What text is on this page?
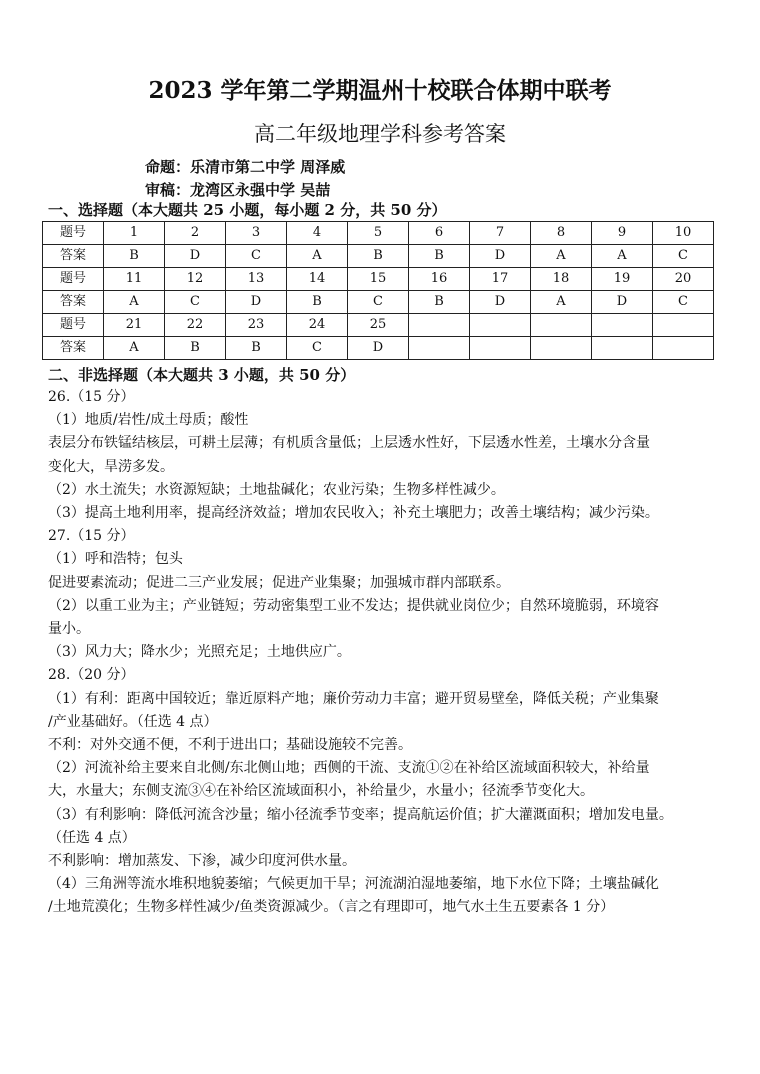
2023 学年第二学期温州十校联合体期中联考
高二年级地理学科参考答案
命题：乐清市第二中学 周泽威
审稿：龙湾区永强中学 吴喆
一、选择题（本大题共 25 小题，每小题 2 分，共 50 分）
题号	1	2	3	4	5	6	7	8	9	10
答案	B	D	C	A	B	B	D	A	A	C
题号	11	12	13	14	15	16	17	18	19	20
答案	A	C	D	B	C	B	D	A	D	C
题号	21	22	23	24	25					
答案	A	B	B	C	D					
二、非选择题（本大题共 3 小题，共 50 分）

26.（15 分）

（1）地质/岩性/成土母质；酸性

表层分布铁锰结核层，可耕土层薄；有机质含量低；上层透水性好，下层透水性差，土壤水分含量

变化大，旱涝多发。

（2）水土流失；水资源短缺；土地盐碱化；农业污染；生物多样性减少。

（3）提高土地利用率，提高经济效益；增加农民收入；补充土壤肥力；改善土壤结构；减少污染。

27.（15 分）

（1）呼和浩特；包头

促进要素流动；促进二三产业发展；促进产业集聚；加强城市群内部联系。

（2）以重工业为主；产业链短；劳动密集型工业不发达；提供就业岗位少；自然环境脆弱，环境容

量小。

（3）风力大；降水少；光照充足；土地供应广。

28.（20 分）

（1）有利：距离中国较近；靠近原料产地；廉价劳动力丰富；避开贸易壁垒，降低关税；产业集聚

/产业基础好。（任选 4 点）

不利：对外交通不便，不利于进出口；基础设施较不完善。

（2）河流补给主要来自北侧/东北侧山地；西侧的干流、支流①②在补给区流域面积较大，补给量

大，水量大；东侧支流③④在补给区流域面积小，补给量少，水量小；径流季节变化大。

（3）有利影响：降低河流含沙量；缩小径流季节变率；提高航运价值；扩大灌溉面积；增加发电量。

（任选 4 点）

不利影响：增加蒸发、下渗，减少印度河供水量。

（4）三角洲等流水堆积地貌萎缩；气候更加干旱；河流湖泊湿地萎缩，地下水位下降；土壤盐碱化

/土地荒漠化；生物多样性减少/鱼类资源减少。（言之有理即可，地气水土生五要素各 1 分）
